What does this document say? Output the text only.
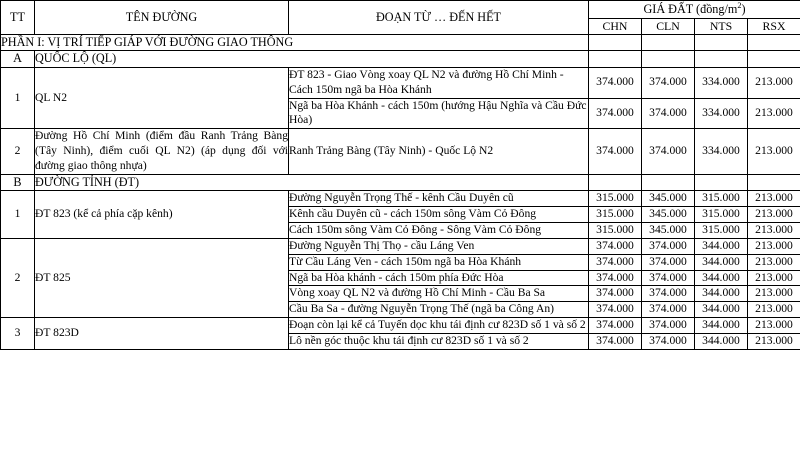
TT	TÊN ĐƯỜNG	ĐOẠN TỪ … ĐẾN HẾT	GIÁ ĐẤT $(đồng/m^2)$			
			CHN	CLN	NTS	RSX
PHẦN I: VỊ TRÍ TIẾP GIÁP VỚI ĐƯỜNG GIAO THÔNG						
A	QUỐC LỘ (QL)					
1	QL N2	ĐT 823 - Giao Vòng xoay QL N2 và đường Hồ Chí Minh - Cách 150m ngã ba Hòa Khánh	374.000	374.000	334.000	213.000
		Ngã ba Hòa Khánh - cách 150m (hướng Hậu Nghĩa và Cầu Đức Hòa)	374.000	374.000	334.000	213.000
2	Đường Hồ Chí Minh (điểm đầu Ranh Trảng Bàng (Tây Ninh), điểm cuối QL N2) (áp dụng đối với đường giao thông nhựa)	Ranh Trảng Bàng (Tây Ninh) - Quốc Lộ N2	374.000	374.000	334.000	213.000
B	ĐƯỜNG TỈNH (ĐT)					
1	ĐT 823 (kể cả phía cặp kênh)	Đường Nguyễn Trọng Thế - kênh Cầu Duyên cũ	315.000	345.000	315.000	213.000
		Kênh cầu Duyên cũ - cách 150m sông Vàm Cỏ Đông	315.000	345.000	315.000	213.000
		Cách 150m sông Vàm Cỏ Đông - Sông Vàm Cỏ Đông	315.000	345.000	315.000	213.000
2	ĐT 825	Đường Nguyễn Thị Thọ - cầu Láng Ven	374.000	374.000	344.000	213.000
		Từ Cầu Láng Ven - cách 150m ngã ba Hòa Khánh	374.000	374.000	344.000	213.000
		Ngã ba Hòa khánh - cách 150m phía Đức Hòa	374.000	374.000	344.000	213.000
		Vòng xoay QL N2 và đường Hồ Chí Minh - Cầu Ba Sa	374.000	374.000	344.000	213.000
		Cầu Ba Sa - đường Nguyễn Trọng Thế (ngã ba Công An)	374.000	374.000	344.000	213.000
3	ĐT 823D	Đoạn còn lại kể cả Tuyến dọc khu tái định cư 823D số 1 và số 2	374.000	374.000	344.000	213.000
		Lô nền góc thuộc khu tái định cư 823D số 1 và số 2	374.000	374.000	344.000	213.000
